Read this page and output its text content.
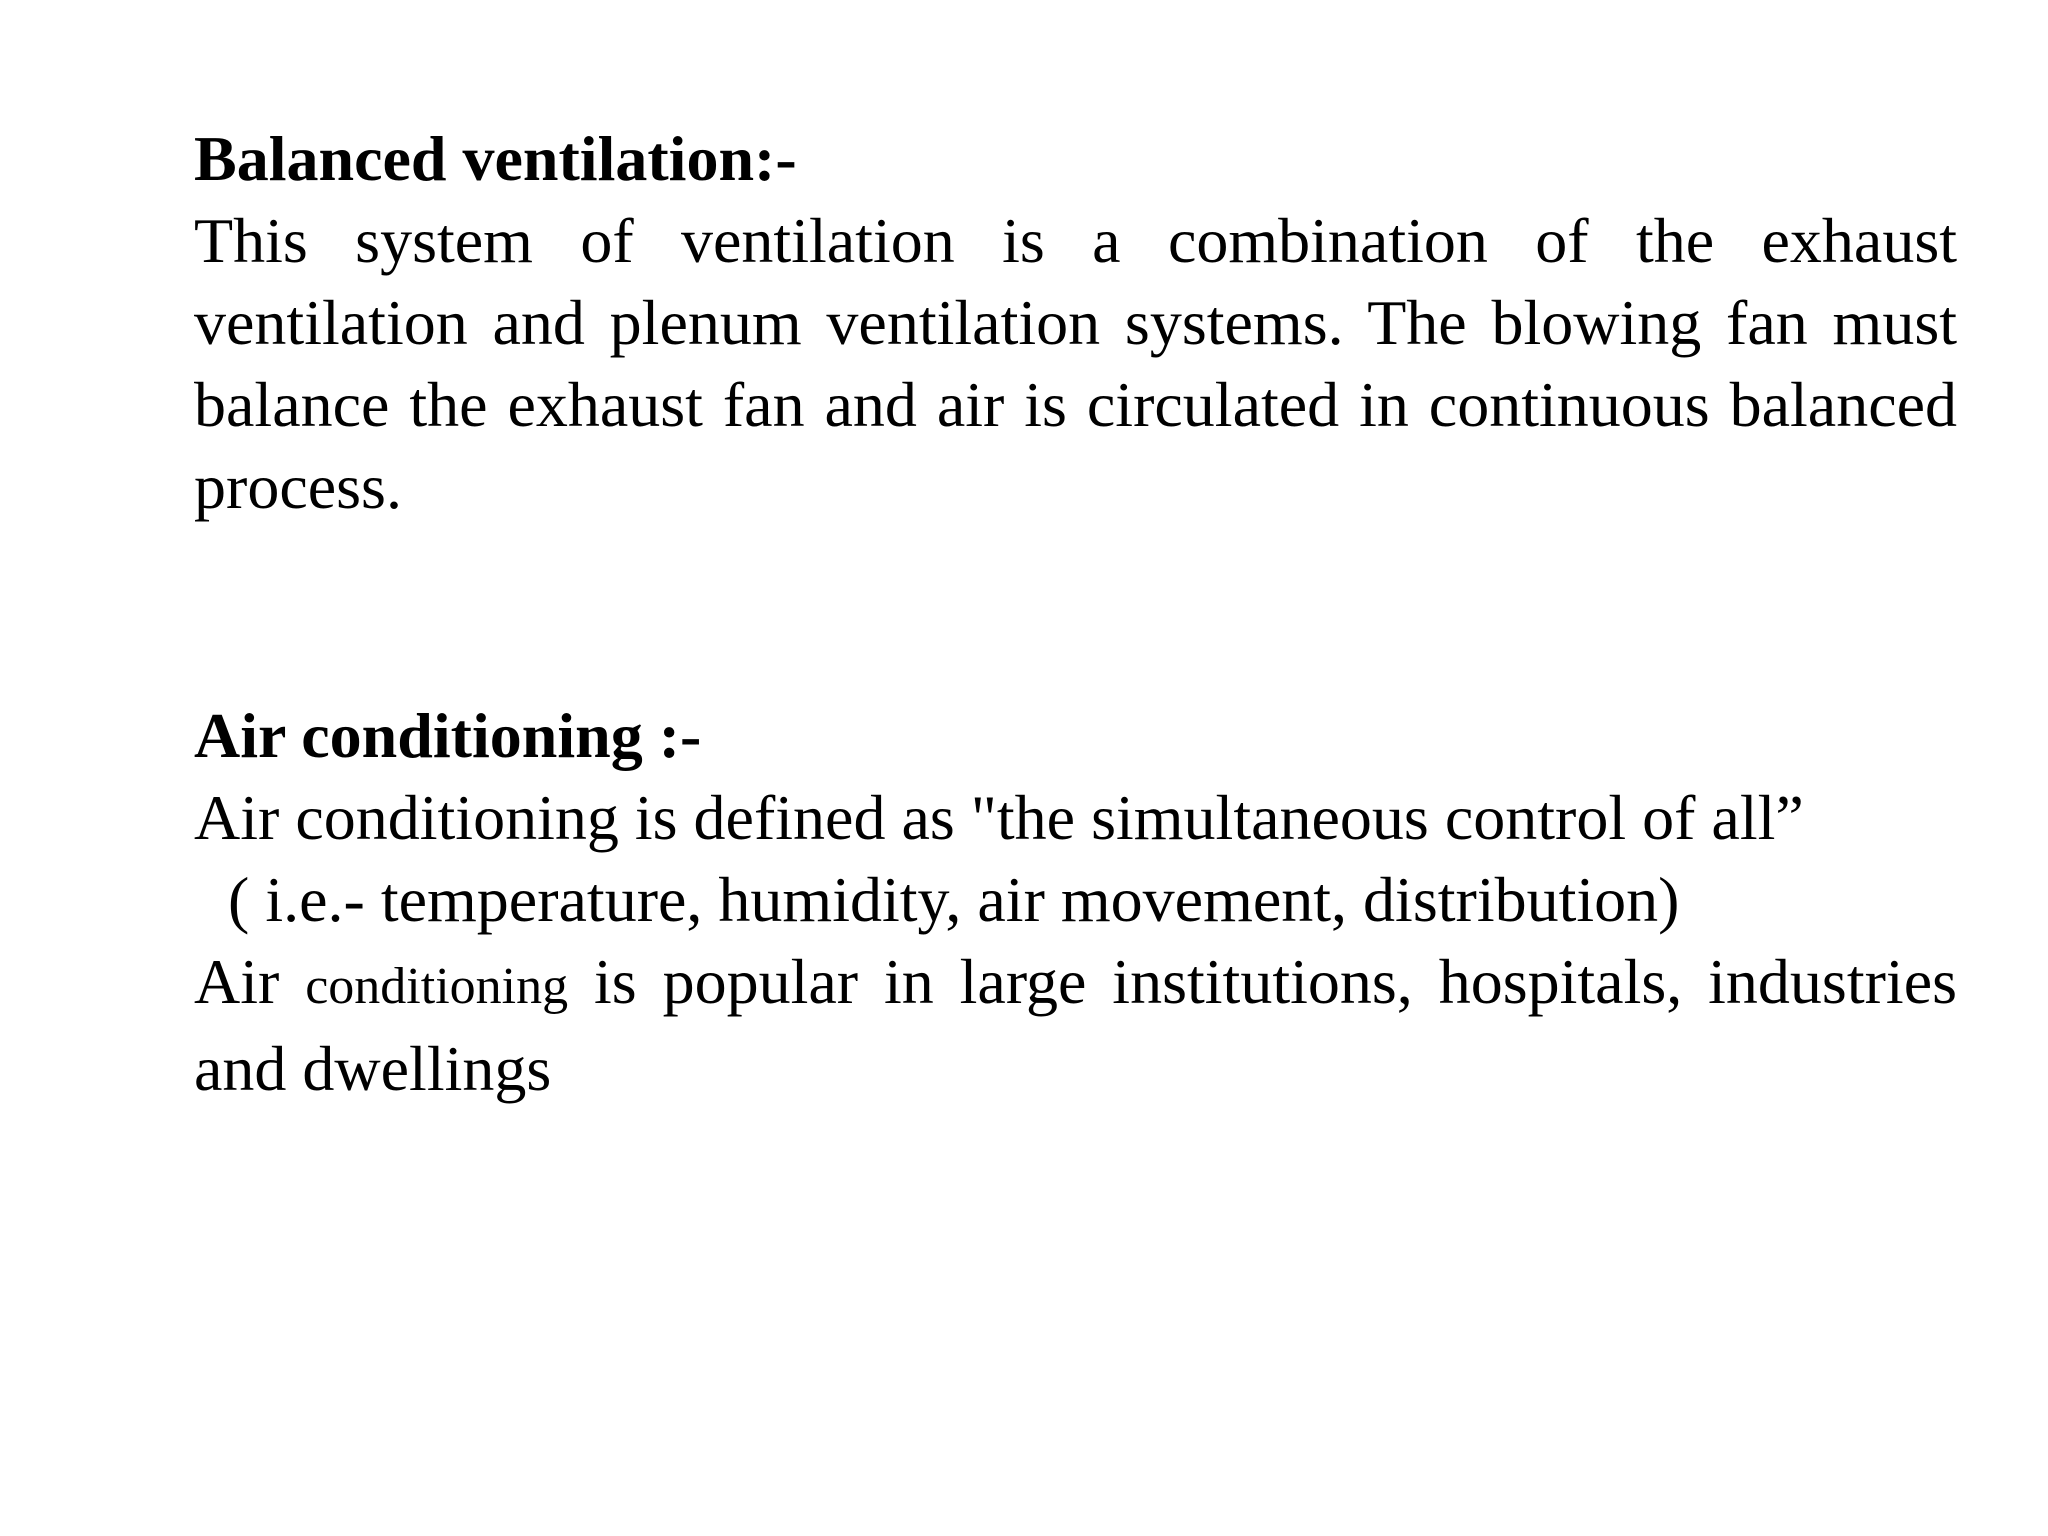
Balanced ventilation:-

This system of ventilation is a combination of the exhaust ventilation and plenum ventilation systems. The blowing fan must balance the exhaust fan and air is circulated in continuous balanced process.

Air conditioning :-

Air conditioning is defined as "the simultaneous control of all”

( i.e.- temperature, humidity, air movement, distribution)

Air conditioning is popular in large institutions, hospitals, industries and dwellings
